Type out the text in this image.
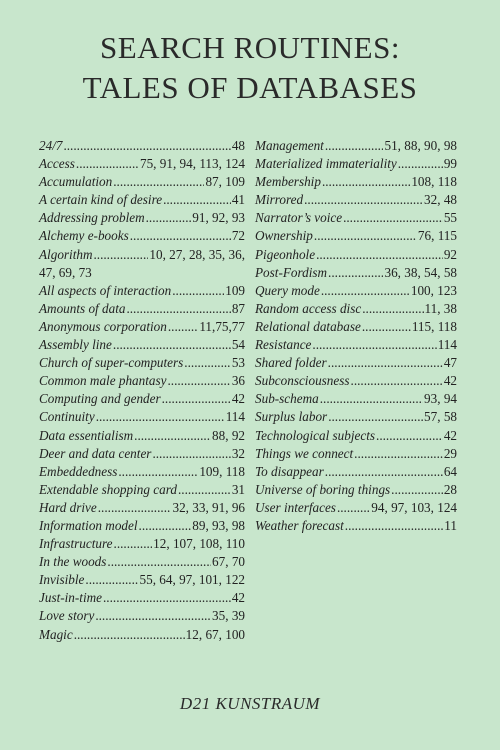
SEARCH ROUTINES:
TALES OF DATABASES
24/7 .....	48
Access .....	75, 91, 94, 113, 124
Accumulation .....	87, 109
A certain kind of desire .....	41
Addressing problem .....	91, 92, 93
Alchemy e-books .....	72
Algorithm .....	10, 27, 28, 35, 36,
47, 69, 73
All aspects of interaction .....	109
Amounts of data .....	87
Anonymous corporation ..... 11,75,77
Assembly line .....	54
Church of super-computers .....	53
Common male phantasy .....	36
Computing and gender .....	42
Continuity .....	114
Data essentialism .....	88, 92
Deer and data center .....	32
Embeddedness .....	109, 118
Extendable shopping card .....	31
Hard drive .....	32, 33, 91, 96
Information model .....	89, 93, 98
Infrastructure .....	12, 107, 108, 110
In the woods .....	67, 70
Invisible .....	55, 64, 97, 101, 122
Just-in-time .....	42
Love story .....	35, 39
Magic .....	12, 67, 100
Management .....	51, 88, 90, 98
Materialized immateriality .....	99
Membership .....	108, 118
Mirrored .....	32, 48
Narrator’s voice .....	55
Ownership .....	76, 115
Pigeonhole .....	92
Post-Fordism .....	36, 38, 54, 58
Query mode .....	100, 123
Random access disc .....	11, 38
Relational database .....	115, 118
Resistance .....	114
Shared folder .....	47
Subconsciousness .....	42
Sub-schema .....	93, 94
Surplus labor .....	57, 58
Technological subjects .....	42
Things we connect .....	29
To disappear .....	64
Universe of boring things .....	28
User interfaces .....	94, 97, 103, 124
Weather forecast .....	11
D21 KUNSTRAUM
